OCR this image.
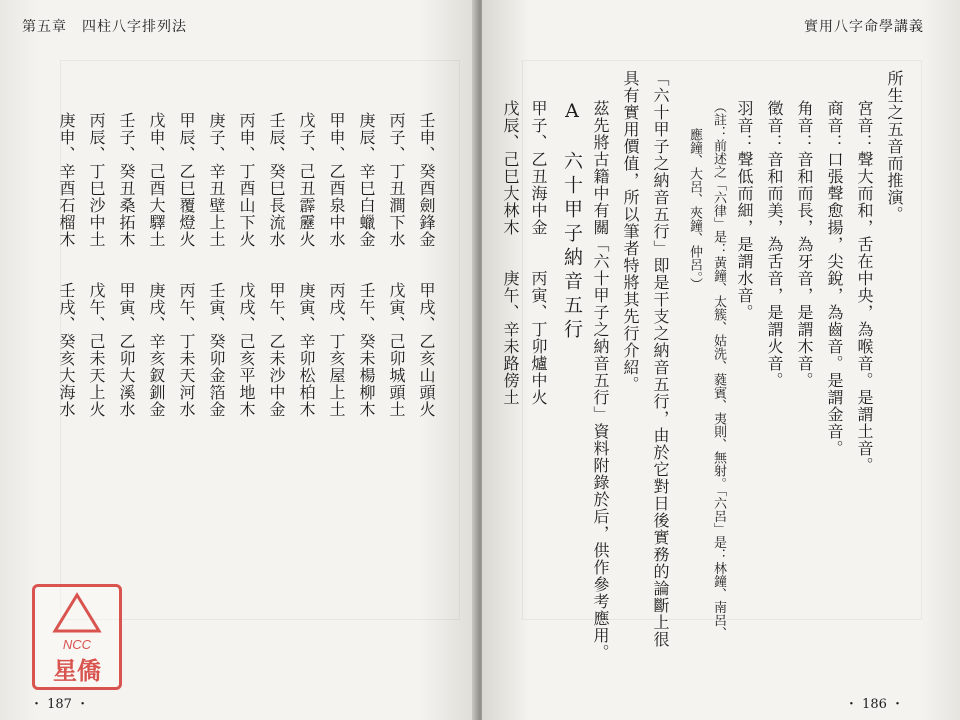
第五章　四柱八字排列法
壬申、癸酉劍鋒金　　甲戌、乙亥山頭火
丙子、丁丑澗下水　　戊寅、己卯城頭土
庚辰、辛巳白蠟金　　壬午、癸未楊柳木
甲申、乙酉泉中水　　丙戌、丁亥屋上土
戊子、己丑霹靂火　　庚寅、辛卯松柏木
壬辰、癸巳長流水　　甲午、乙未沙中金
丙申、丁酉山下火　　戊戌、己亥平地木
庚子、辛丑壁上土　　壬寅、癸卯金箔金
甲辰、乙巳覆燈火　　丙午、丁未天河水
戊申、己酉大驛土　　庚戌、辛亥釵釧金
壬子、癸丑桑拓木　　甲寅、乙卯大溪水
丙辰、丁巳沙中土　　戊午、己未天上火
庚申、辛酉石榴木　　壬戌、癸亥大海水
NCC
星僑
・ 187 ・
實用八字命學講義
所生之五音而推演。
宮音：聲大而和，舌在中央，為喉音。是謂土音。
商音：口張聲愈揚，尖銳，為齒音。是謂金音。
角音：音和而長，為牙音，是謂木音。
徵音：音和而美，為舌音，是謂火音。
羽音：聲低而細，是謂水音。
（註：前述之「六律」是：黃鐘、太簇、姑洗、蕤賓、夷則、無射。「六呂」是：林鐘、南呂、
應鐘、大呂、夾鐘、仲呂。）
「六十甲子之納音五行」即是干支之納音五行，由於它對日後實務的論斷上很
具有實用價值，所以筆者特將其先行介紹。
茲先將古籍中有關「六十甲子之納音五行」資料附錄於后，供作參考應用。
A　六十甲子納音五行
甲子、乙丑海中金　　丙寅、丁卯爐中火
戊辰、己巳大林木　　庚午、辛未路傍土
・ 186 ・
